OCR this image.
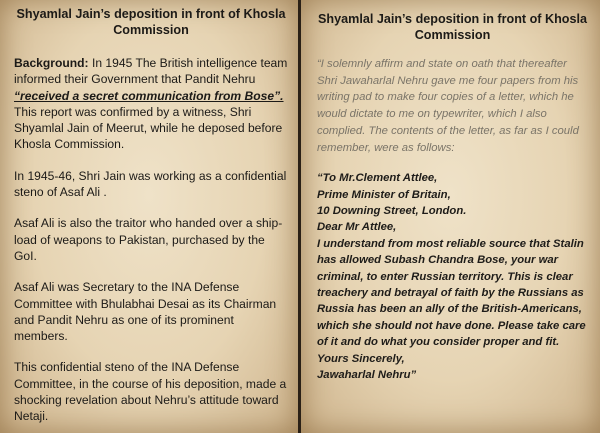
Shyamlal Jain’s deposition in front of Khosla
Commission

Background: In 1945 The British intelligence team informed their Government that Pandit Nehru “received a secret communication from Bose”. This report was confirmed by a witness, Shri Shyamlal Jain of Meerut, while he deposed before Khosla Commission.

In 1945-46, Shri Jain was working as a confidential steno of Asaf Ali .

Asaf Ali is also the traitor who handed over a ship-load of weapons to Pakistan, purchased by the GoI.

Asaf Ali was Secretary to the INA Defense Committee with Bhulabhai Desai as its Chairman and Pandit Nehru as one of its prominent members.

This confidential steno of the INA Defense Committee, in the course of his deposition, made a shocking revelation about Nehru’s attitude toward Netaji.

Shyamlal Jain’s deposition in front of Khosla
Commission

“I solemnly affirm and state on oath that thereafter Shri Jawaharlal Nehru gave me four papers from his writing pad to make four copies of a letter, which he would dictate to me on typewriter, which I also complied. The contents of the letter, as far as I could remember, were as follows:

“To Mr.Clement Attlee,
Prime Minister of Britain,
10 Downing Street, London.
Dear Mr Attlee,
I understand from most reliable source that Stalin has allowed Subash Chandra Bose, your war criminal, to enter Russian territory. This is clear treachery and betrayal of faith by the Russians as Russia has been an ally of the British-Americans, which she should not have done. Please take care of it and do what you consider proper and fit.
Yours Sincerely,
Jawaharlal Nehru”
